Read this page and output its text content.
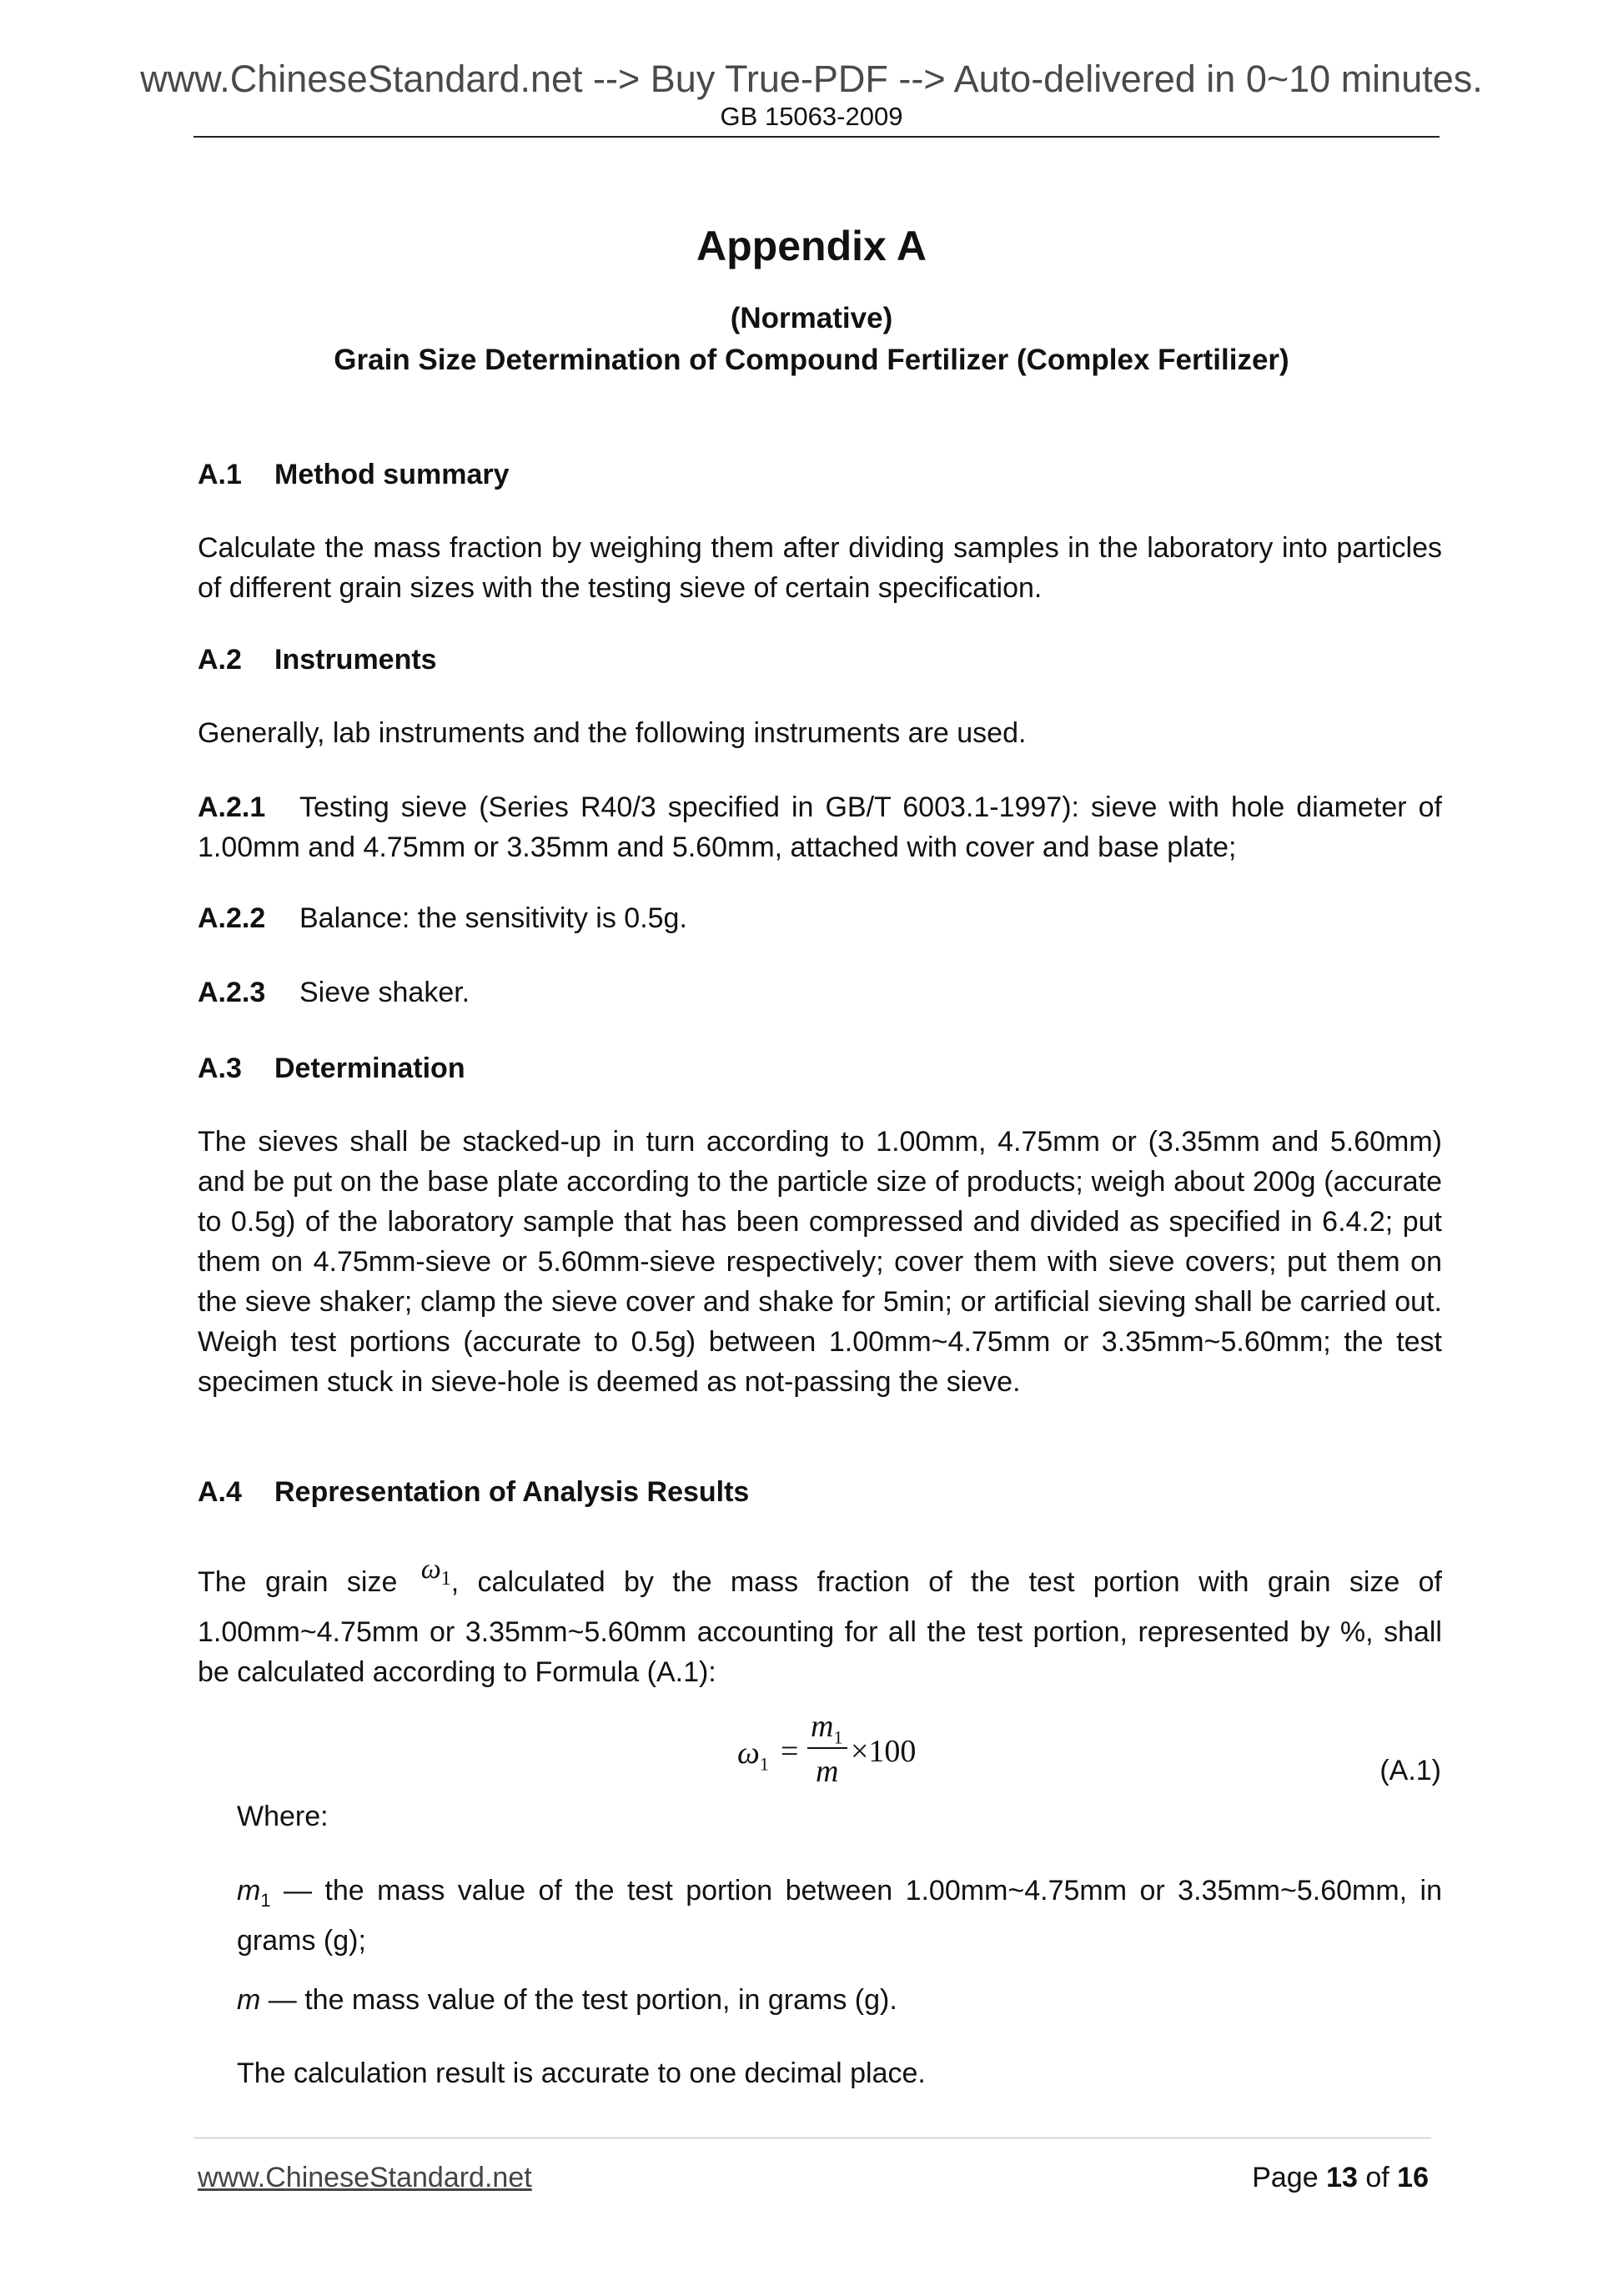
www.ChineseStandard.net --> Buy True-PDF --> Auto-delivered in 0~10 minutes.
GB 15063-2009
Appendix A
(Normative)
Grain Size Determination of Compound Fertilizer (Complex Fertilizer)
A.1 Method summary
Calculate the mass fraction by weighing them after dividing samples in the laboratory into particles of different grain sizes with the testing sieve of certain specification.
A.2 Instruments
Generally, lab instruments and the following instruments are used.
A.2.1 Testing sieve (Series R40/3 specified in GB/T 6003.1-1997): sieve with hole diameter of 1.00mm and 4.75mm or 3.35mm and 5.60mm, attached with cover and base plate;
A.2.2 Balance: the sensitivity is 0.5g.
A.2.3 Sieve shaker.
A.3 Determination
The sieves shall be stacked-up in turn according to 1.00mm, 4.75mm or (3.35mm and 5.60mm) and be put on the base plate according to the particle size of products; weigh about 200g (accurate to 0.5g) of the laboratory sample that has been compressed and divided as specified in 6.4.2; put them on 4.75mm-sieve or 5.60mm-sieve respectively; cover them with sieve covers; put them on the sieve shaker; clamp the sieve cover and shake for 5min; or artificial sieving shall be carried out. Weigh test portions (accurate to 0.5g) between 1.00mm~4.75mm or 3.35mm~5.60mm; the test specimen stuck in sieve-hole is deemed as not-passing the sieve.
A.4 Representation of Analysis Results
The grain size $\omega_1$, calculated by the mass fraction of the test portion with grain size of 1.00mm~4.75mm or 3.35mm~5.60mm accounting for all the test portion, represented by %, shall be calculated according to Formula (A.1):
$\omega_1$ =
$m_1$
m
×100
(A.1)
Where:
$m_1$ — the mass value of the test portion between 1.00mm~4.75mm or 3.35mm~5.60mm, in grams (g);
m — the mass value of the test portion, in grams (g).
The calculation result is accurate to one decimal place.
www.ChineseStandard.net	Page 13 of 16
